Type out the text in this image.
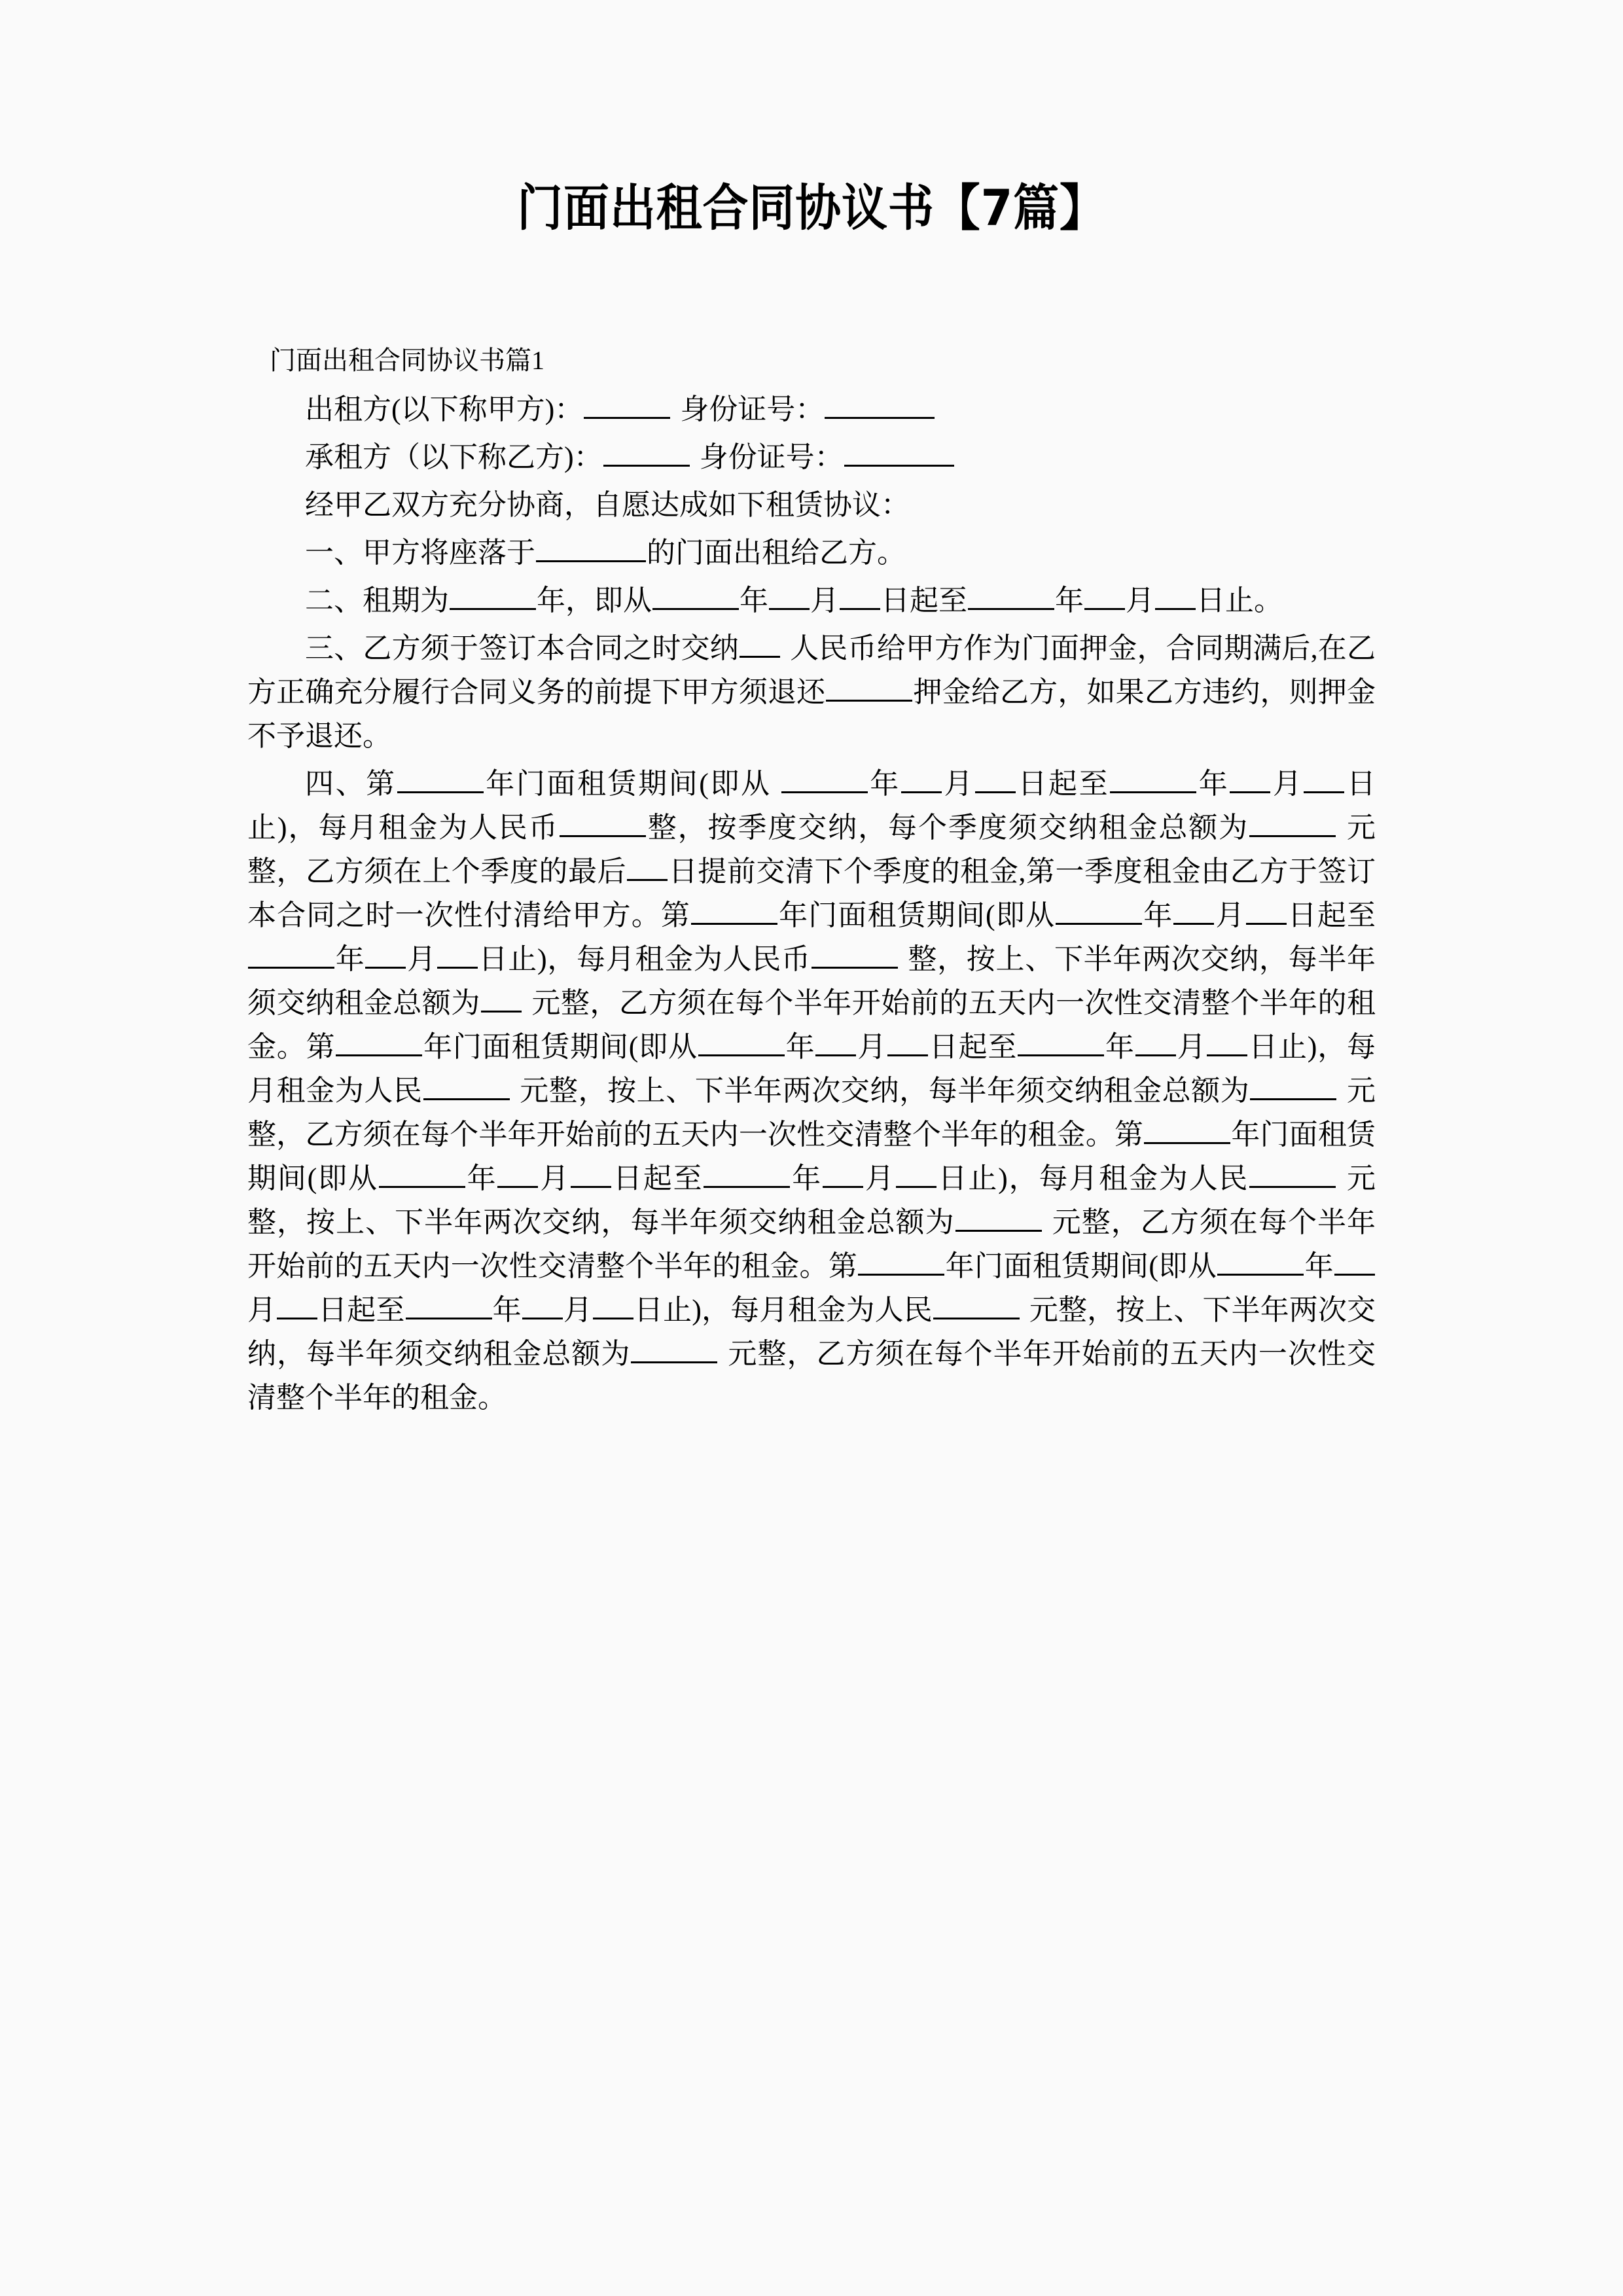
门面出租合同协议书【7篇】
门面出租合同协议书篇1

出租方(以下称甲方)：	身份证号：

承租方（以下称乙方)：	身份证号：

经甲乙双方充分协商，自愿达成如下租赁协议：

一、甲方将座落于	的门面出租给乙方。

二、租期为	年，即从	年 月 日起至	年 月 日止。

三、乙方须于签订本合同之时交纳 人民币给甲方作为门面押金，合同期满后,在乙方正确充分履行合同义务的前提下甲方须退还	押金给乙方，如果乙方违约，则押金不予退还。

四、第	年门面租赁期间(即从	年 月 日起至	年 月 日止)，每月租金为人民币	整，按季度交纳，每个季度须交纳租金总额为	元整，乙方须在上个季度的最后 日提前交清下个季度的租金,第一季度租金由乙方于签订本合同之时一次性付清给甲方。第	年门面租赁期间(即从	年 月 日起至年 月 日止)，每月租金为人民币	整，按上、下半年两次交纳，每半年须交纳租金总额为 元整，乙方须在每个半年开始前的五天内一次性交清整个半年的租金。第	年门面租赁期间(即从	年 月 日起至	年 月 日止)，每月租金为人民	元整，按上、下半年两次交纳，每半年须交纳租金总额为	元整，乙方须在每个半年开始前的五天内一次性交清整个半年的租金。第	年门面租赁期间(即从	年 月 日起至	年 月 日止)，每月租金为人民	元整，按上、下半年两次交纳，每半年须交纳租金总额为	元整，乙方须在每个半年开始前的五天内一次性交清整个半年的租金。第	年门面租赁期间(即从	年月 日起至	年 月 日止)，每月租金为人民	元整，按上、下半年两次交纳，每半年须交纳租金总额为	元整，乙方须在每个半年开始前的五天内一次性交清整个半年的租金。
